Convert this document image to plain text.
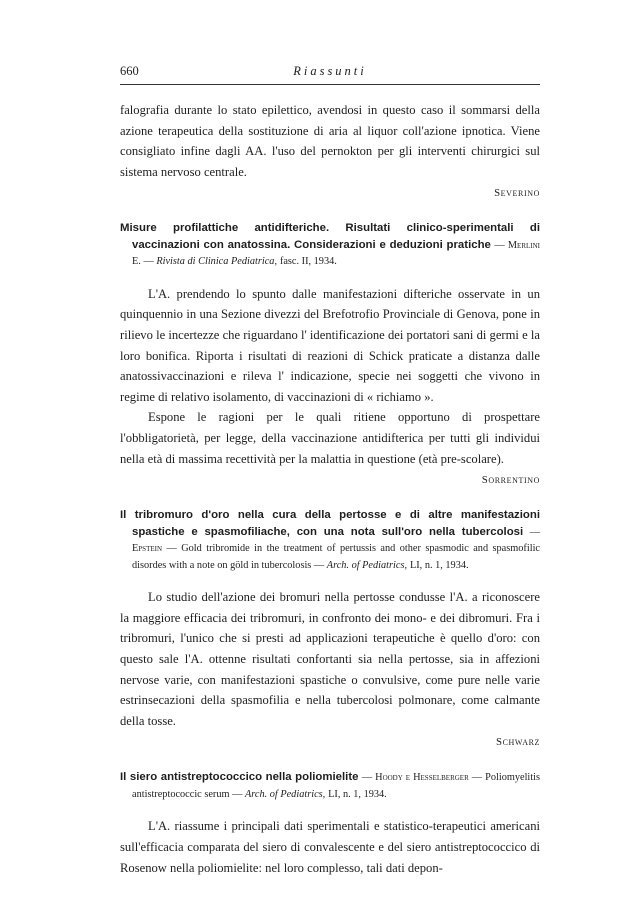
660	Riassunti

falografia durante lo stato epilettico, avendosi in questo caso il sommarsi della azione terapeutica della sostituzione di aria al liquor coll'azione ipnotica. Viene consigliato infine dagli AA. l'uso del pernokton per gli interventi chirurgici sul sistema nervoso centrale.

Severino
Misure profilattiche antidifteriche. Risultati clinico-sperimentali di vaccinazioni con anatossina. Considerazioni e deduzioni pratiche — Merlini E. — Rivista di Clinica Pediatrica, fasc. II, 1934.

L'A. prendendo lo spunto dalle manifestazioni difteriche osservate in un quinquennio in una Sezione divezzi del Brefotrofio Provinciale di Genova, pone in rilievo le incertezze che riguardano l' identificazione dei portatori sani di germi e la loro bonifica. Riporta i risultati di reazioni di Schick praticate a distanza dalle anatossivaccinazioni e rileva l' indicazione, specie nei soggetti che vivono in regime di relativo isolamento, di vaccinazioni di « richiamo ».

Espone le ragioni per le quali ritiene opportuno di prospettare l'obbligatorietà, per legge, della vaccinazione antidifterica per tutti gli individui nella età di massima recettività per la malattia in questione (età pre-scolare).

Sorrentino
Il tribromuro d'oro nella cura della pertosse e di altre manifestazioni spastiche e spasmofiliache, con una nota sull'oro nella tubercolosi — Epstein — Gold tribromide in the treatment of pertussis and other spasmodic and spasmofilic disordes with a note on göld in tubercolosis — Arch. of Pediatrics, LI, n. 1, 1934.

Lo studio dell'azione dei bromuri nella pertosse condusse l'A. a riconoscere la maggiore efficacia dei tribromuri, in confronto dei mono- e dei dibromuri. Fra i tribromuri, l'unico che si presti ad applicazioni terapeutiche è quello d'oro: con questo sale l'A. ottenne risultati confortanti sia nella pertosse, sia in affezioni nervose varie, con manifestazioni spastiche o convulsive, come pure nelle varie estrinsecazioni della spasmofilia e nella tubercolosi polmonare, come calmante della tosse.

Schwarz
Il siero antistreptococcico nella poliomielite — Hoody e Hesselberger — Poliomyelitis antistreptococcic serum — Arch. of Pediatrics, LI, n. 1, 1934.

L'A. riassume i principali dati sperimentali e statistico-terapeutici americani sull'efficacia comparata del siero di convalescente e del siero antistreptococcico di Rosenow nella poliomielite: nel loro complesso, tali dati depon-
